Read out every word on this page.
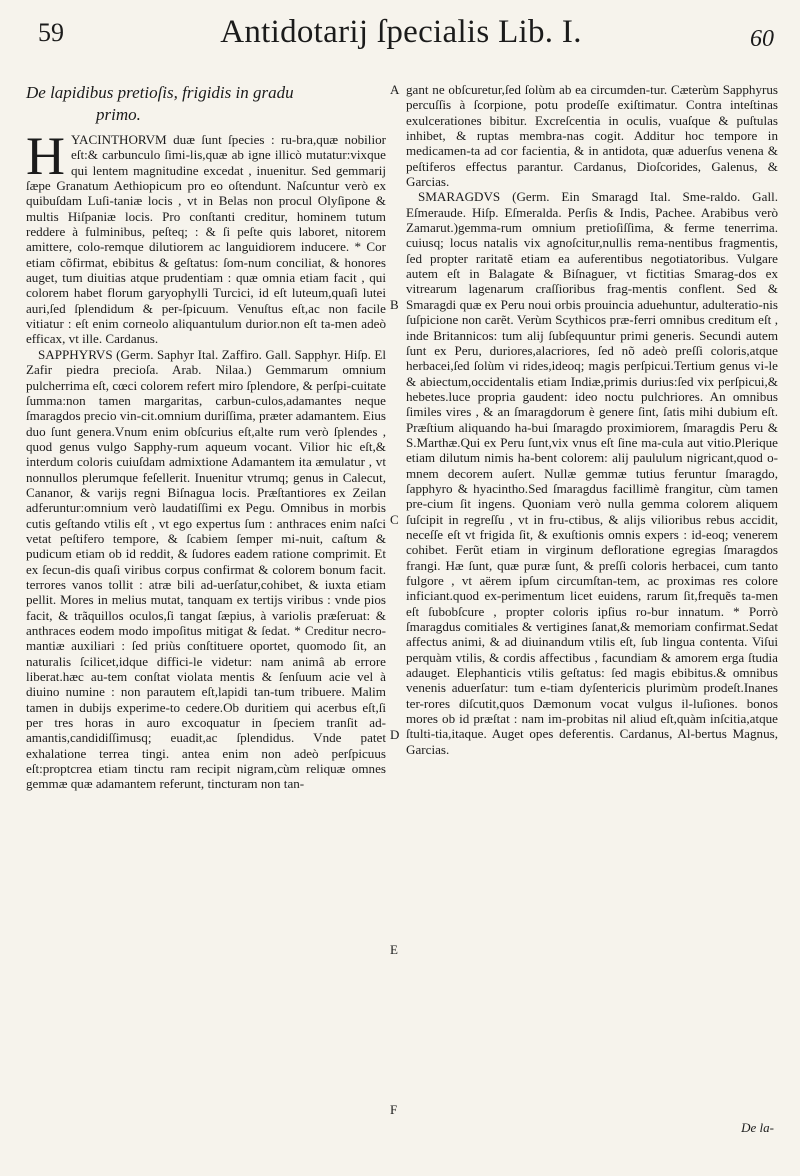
59	Antidotarij ſpecialis Lib. I.	60
De lapidibus pretioſis, frigidis in gradu
primo.
H YACINTHORVM duæ ſunt ſpecies : ru-bra,quæ nobilior eſt:& carbunculo ſimi-lis,quæ ab igne illicò mutatur:vixque qui lentem magnitudine excedat , inuenitur. Sed gemmarij ſæpe Granatum Aethiopicum pro eo oſtendunt. Naſcuntur verò ex quibuſdam Luſi-taniæ locis , vt in Belas non procul Olyſipone & multis Hiſpaniæ locis. Pro conſtanti creditur, hominem tutum reddere à fulminibus, peſteq; : & ſi peſte quis laboret, nitorem amittere, colo-remque dilutiorem ac languidiorem inducere. * Cor etiam cõfirmat, ebibitus & geſtatus: ſom-num conciliat, & honores auget, tum diuitias atque prudentiam : quæ omnia etiam facit , qui colorem habet florum garyophylli Turcici, id eſt luteum,quaſi lutei auri,ſed ſplendidum & per-ſpicuum. Venuſtus eſt,ac non facile vitiatur : eſt enim corneolo aliquantulum durior.non eſt ta-men adeò efficax, vt ille. Cardanus.

SAPPHYRVS (Germ. Saphyr Ital. Zaffiro. Gall. Sapphyr. Hiſp. El Zafir piedra precioſa. Arab. Nilaa.) Gemmarum omnium pulcherrima eſt, cœci colorem refert miro ſplendore, & perſpi-cuitate ſumma:non tamen margaritas, carbun-culos,adamantes neque ſmaragdos precio vin-cit.omnium duriſſima, præter adamantem. Eius duo ſunt genera.Vnum enim obſcurius eſt,alte rum verò ſplendes , quod genus vulgo Sapphy-rum aqueum vocant. Vilior hic eſt,& interdum coloris cuiuſdam admixtione Adamantem ita æmulatur , vt nonnullos plerumque feſellerit. Inuenitur vtrumq; genus in Calecut, Cananor, & varijs regni Biſnagua locis. Præſtantiores ex Zeilan adferuntur:omnium verò laudatiſſimi ex Pegu. Omnibus in morbis cutis geſtando vtilis eſt , vt ego expertus ſum : anthraces enim naſci vetat peſtifero tempore, & ſcabiem ſemper mi-nuit, caſtum & pudicum etiam ob id reddit, & ſudores eadem ratione comprimit. Et ex ſecun-dis quaſi viribus corpus confirmat & colorem bonum facit. terrores vanos tollit : atræ bili ad-uerſatur,cohibet, & iuxta etiam pellit. Mores in melius mutat, tanquam ex tertijs viribus : vnde pios facit, & trãquillos oculos,ſi tangat ſæpius, à variolis præſeruat: & anthraces eodem modo impoſitus mitigat & ſedat. * Creditur necro-mantiæ auxiliari : ſed priùs conſtituere oportet, quomodo ſit, an naturalis ſcilicet,idque diffici-le videtur: nam animâ ab errore liberat.hæc au-tem conſtat violata mentis & ſenſuum acie vel à diuino numine : non parautem eſt,lapidi tan-tum tribuere. Malim tamen in dubijs experime-to cedere.Ob duritiem qui acerbus eſt,ſi per tres horas in auro excoquatur in ſpeciem tranſit ad-amantis,candidiſſimusq; euadit,ac ſplendidus. Vnde patet exhalatione terrea tingi. antea enim non adeò perſpicuus eſt:proptcrea etiam tinctu ram recipit nigram,cùm reliquæ omnes gemmæ quæ adamantem referunt, tincturam non tan-

A
B
C
D
E
F

gant ne obſcuretur,ſed ſolùm ab ea circumden-tur. Cæterùm Sapphyrus percuſſis à ſcorpione, potu prodeſſe exiſtimatur. Contra inteſtinas exulcerationes bibitur. Excreſcentia in oculis, vuaſque & puſtulas inhibet, & ruptas membra-nas cogit. Additur hoc tempore in medicamen-ta ad cor facientia, & in antidota, quæ aduerſus venena & peſtiferos effectus parantur. Cardanus, Dioſcorides, Galenus, & Garcias.

SMARAGDVS (Germ. Ein Smaragd Ital. Sme-raldo. Gall. Eſmeraude. Hiſp. Eſmeralda. Perſis & Indis, Pachee. Arabibus verò Zamarut.)gemma-rum omnium pretioſiſſima, & ferme tenerrima. cuiusq; locus natalis vix agnoſcitur,nullis rema-nentibus fragmentis, ſed propter raritatẽ etiam ea auferentibus negotiatoribus. Vulgare autem eſt in Balagate & Biſnaguer, vt fictitias Smarag-dos ex vitrearum lagenarum craſſioribus frag-mentis conflent. Sed & Smaragdi quæ ex Peru noui orbis prouincia aduehuntur, adulteratio-nis ſuſpicione non carẽt. Verùm Scythicos præ-ferri omnibus creditum eſt , inde Britannicos: tum alij ſubſequuntur primi generis. Secundi autem ſunt ex Peru, duriores,alacriores, ſed nõ adeò preſſi coloris,atque herbacei,ſed ſolùm vi rides,ideoq; magis perſpicui.Tertium genus vi-le & abiectum,occidentalis etiam Indiæ,primis durius:ſed vix perſpicui,& hebetes.luce propria gaudent: ideo noctu pulchriores. An omnibus ſimiles vires , & an ſmaragdorum è genere ſint, ſatis mihi dubium eſt. Præſtium aliquando ha-bui ſmaragdo proximiorem, ſmaragdis Peru & S.Marthæ.Qui ex Peru ſunt,vix vnus eſt ſine ma-cula aut vitio.Plerique etiam dilutum nimis ha-bent colorem: alij paululum nigricant,quod o-mnem decorem auſert. Nullæ gemmæ tutius feruntur ſmaragdo, ſapphyro & hyacintho.Sed ſmaragdus facillimè frangitur, cùm tamen pre-cium ſit ingens. Quoniam verò nulla gemma colorem aliquem ſuſcipit in regreſſu , vt in fru-ctibus, & alijs vilioribus rebus accidit, neceſſe eſt vt frigida ſit, & exuſtionis omnis expers : id-eoq; venerem cohibet. Ferũt etiam in virginum defloratione egregias ſmaragdos frangi. Hæ ſunt, quæ puræ ſunt, & preſſi coloris herbacei, cum tanto fulgore , vt aërem ipſum circumſtan-tem, ac proximas res colore inficiant.quod ex-perimentum licet euidens, rarum ſit,frequẽs ta-men eſt ſubobſcure , propter coloris ipſius ro-bur innatum. * Porrò ſmaragdus comitiales & vertigines ſanat,& memoriam confirmat.Sedat affectus animi, & ad diuinandum vtilis eſt, ſub lingua contenta. Viſui perquàm vtilis, & cordis affectibus , facundiam & amorem erga ſtudia adauget. Elephanticis vtilis geſtatus: ſed magis ebibitus.& omnibus venenis aduerſatur: tum e-tiam dyſentericis plurimùm prodeſt.Inanes ter-rores diſcutit,quos Dæmonum vocat vulgus il-luſiones. bonos mores ob id præſtat : nam im-probitas nil aliud eſt,quàm inſcitia,atque ſtulti-tia,itaque. Auget opes deferentis. Cardanus, Al-bertus Magnus, Garcias.

De la-
